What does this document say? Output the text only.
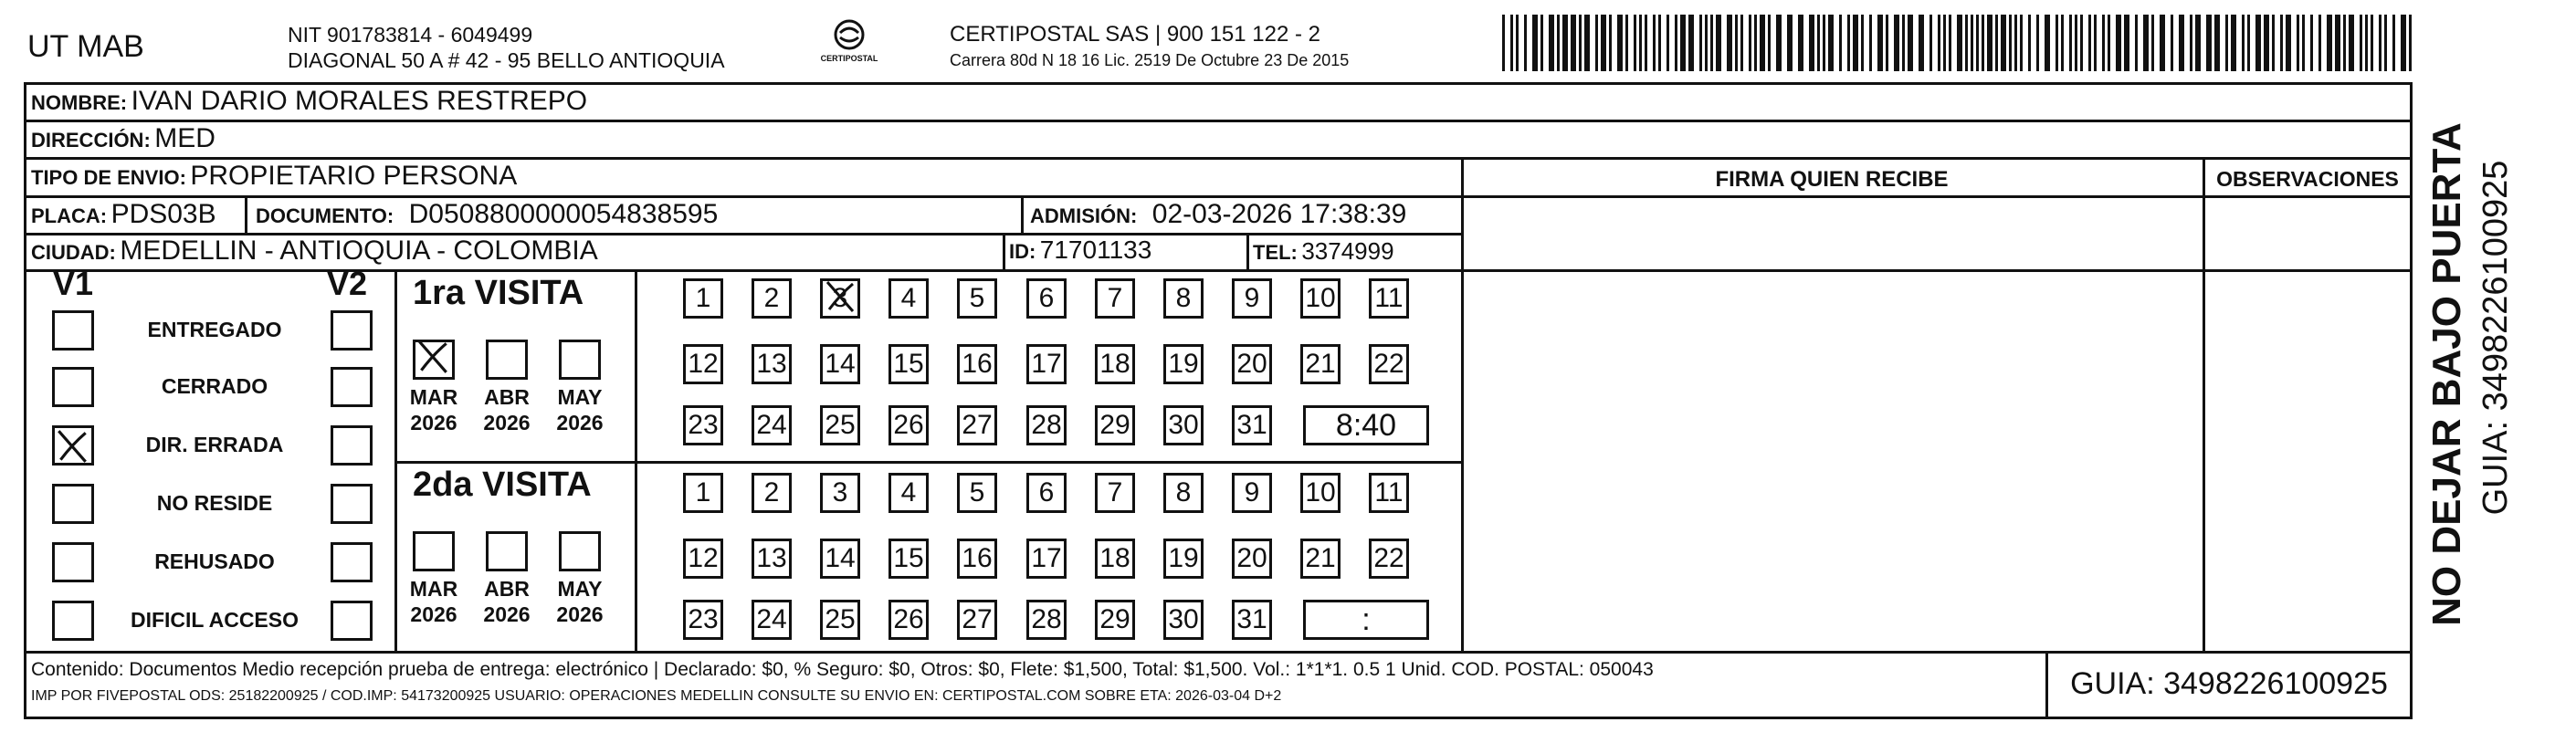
UT MAB	NIT 901783814 - 6049499
DIAGONAL 50 A # 42 - 95 BELLO ANTIOQUIA	CERTIPOSTAL
CERTIPOSTAL SAS | 900 151 122 - 2
Carrera 80d N 18 16 Lic. 2519 De Octubre 23 De 2015
NOMBRE: IVAN DARIO MORALES RESTREPO
DIRECCIÓN: MED
TIPO DE ENVIO: PROPIETARIO PERSONA
PLACA: PDS03B DOCUMENTO: D0508800000054838595	ADMISIÓN: 02-03-2026 17:38:39
CIUDAD: MEDELLIN - ANTIOQUIA - COLOMBIA	ID: 71701133	TEL: 3374999
FIRMA QUIEN RECIBE	OBSERVACIONES
V1	V2
ENTREGADO
CERRADO
DIR. ERRADA
NO RESIDE
REHUSADO
DIFICIL ACCESO
1ra VISITA
MAR
2026
ABR
2026
MAY
2026
1	2	3	4	5	6	7	8	9	10 11
12 13 14 15 16 17 18 19 20 21 22
23 24 25 26 27 28 29 30 31	8:40
2da VISITA
MAR
2026
ABR
2026
MAY
2026
1	2	3	4	5	6	7	8	9	10 11
12 13 14 15 16 17 18 19 20 21 22
23 24 25 26 27 28 29 30 31	:
Contenido: Documentos Medio recepción prueba de entrega: electrónico | Declarado: $0, % Seguro: $0, Otros: $0, Flete: $1,500, Total: $1,500. Vol.: 1*1*1. 0.5 1 Unid. COD. POSTAL: 050043
IMP POR FIVEPOSTAL ODS: 25182200925 / COD.IMP: 54173200925 USUARIO: OPERACIONES MEDELLIN CONSULTE SU ENVIO EN: CERTIPOSTAL.COM SOBRE ETA: 2026-03-04 D+2	GUIA: 3498226100925
NO DEJAR BAJO PUERTA GUIA: 3498226100925
